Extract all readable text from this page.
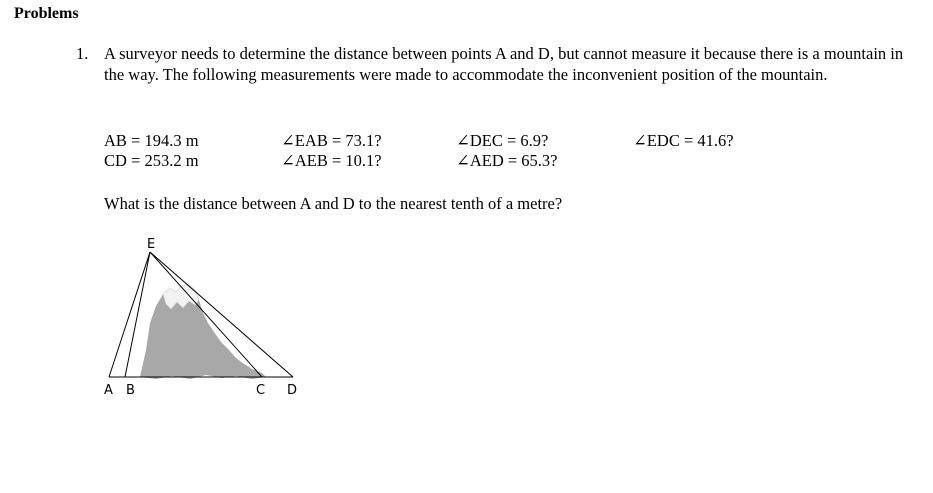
Problems
1. A surveyor needs to determine the distance between points A and D, but cannot measure it because there is a mountain in the way. The following measurements were made to accommodate the inconvenient position of the mountain.
AB = 194.3 m
CD = 253.2 m
∠EAB = 73.1?
∠AEB = 10.1?
∠DEC = 6.9?
∠AED = 65.3?
∠EDC = 41.6?
What is the distance between A and D to the nearest tenth of a metre?
E
A B	C D
